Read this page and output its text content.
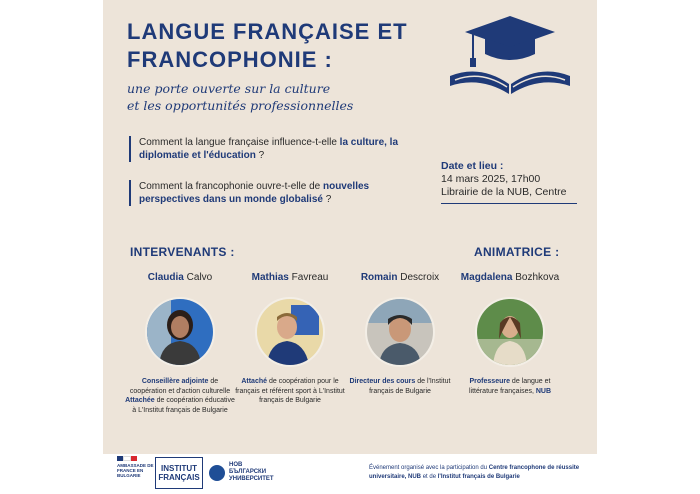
LANGUE FRANÇAISE ET
FRANCOPHONIE :

une porte ouverte sur la culture
et les opportunités professionnelles

Comment la langue française influence-t-elle la culture, la diplomatie et l'éducation ?
Comment la francophonie ouvre-t-elle de nouvelles perspectives dans un monde globalisé ?
Date et lieu :
14 mars 2025, 17h00
Librairie de la NUB, Centre
INTERVENANTS :	ANIMATRICE :
Claudia Calvo
Conseillère adjointe de coopération et d'action culturelle
Attachée de coopération éducative à L'Institut français de Bulgarie
Mathias Favreau
Attaché de coopération pour le français et référent sport à L'Institut français de Bulgarie
Romain Descroix
Directeur des cours de l'Institut français de Bulgarie
Magdalena Bozhkova
Professeure de langue et littérature françaises, NUB
AMBASSADE DE FRANCE EN BULGARIE
INSTITUT FRANÇAIS
НОВ
БЪЛГАРСКИ
УНИВЕРСИТЕТ
Événement organisé avec la participation du Centre francophone de réussite universitaire, NUB et de l'Institut français de Bulgarie
